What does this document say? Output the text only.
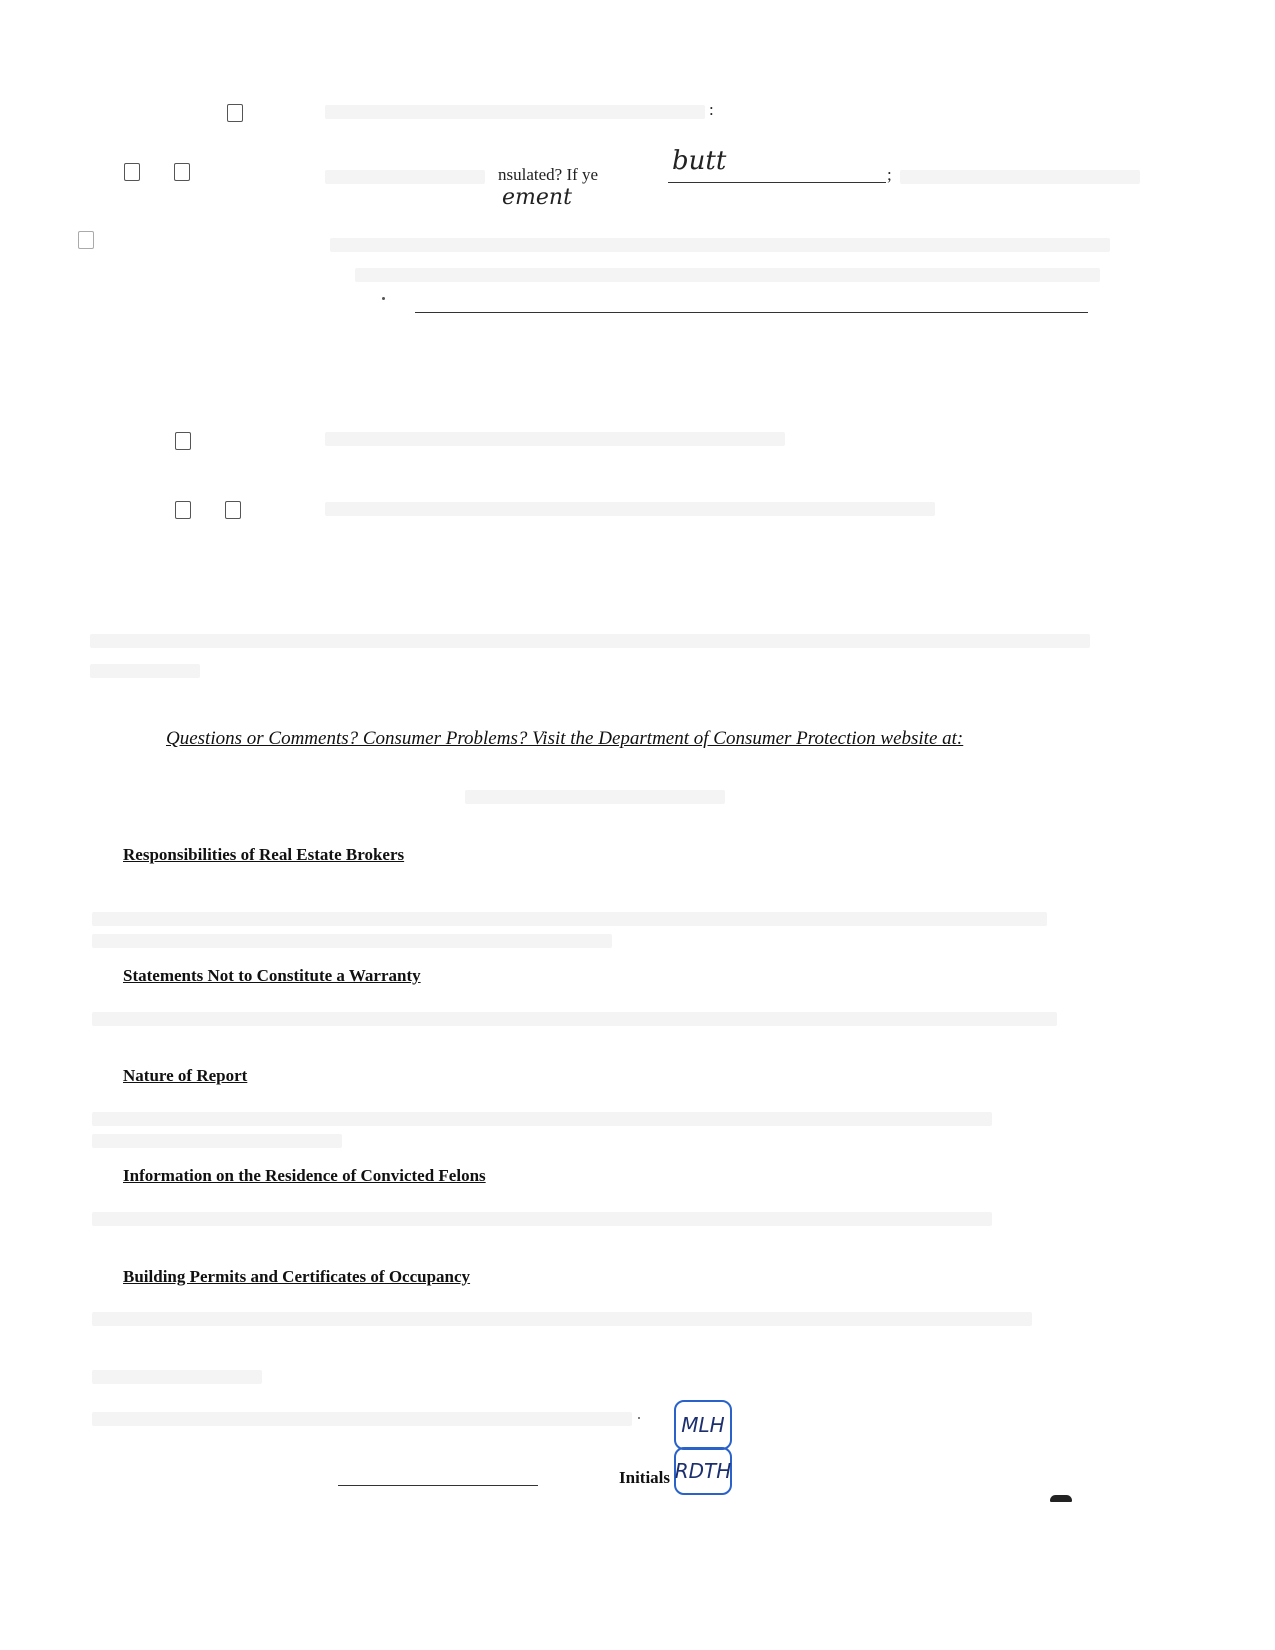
:
nsulated? If ye	butt
ement
;
Questions or Comments? Consumer Problems? Visit the Department of Consumer Protection website at:
Responsibilities of Real Estate Brokers
Statements Not to Constitute a Warranty
Nature of Report
Information on the Residence of Convicted Felons
Building Permits and Certificates of Occupancy
Initials
MLH
RDTH
